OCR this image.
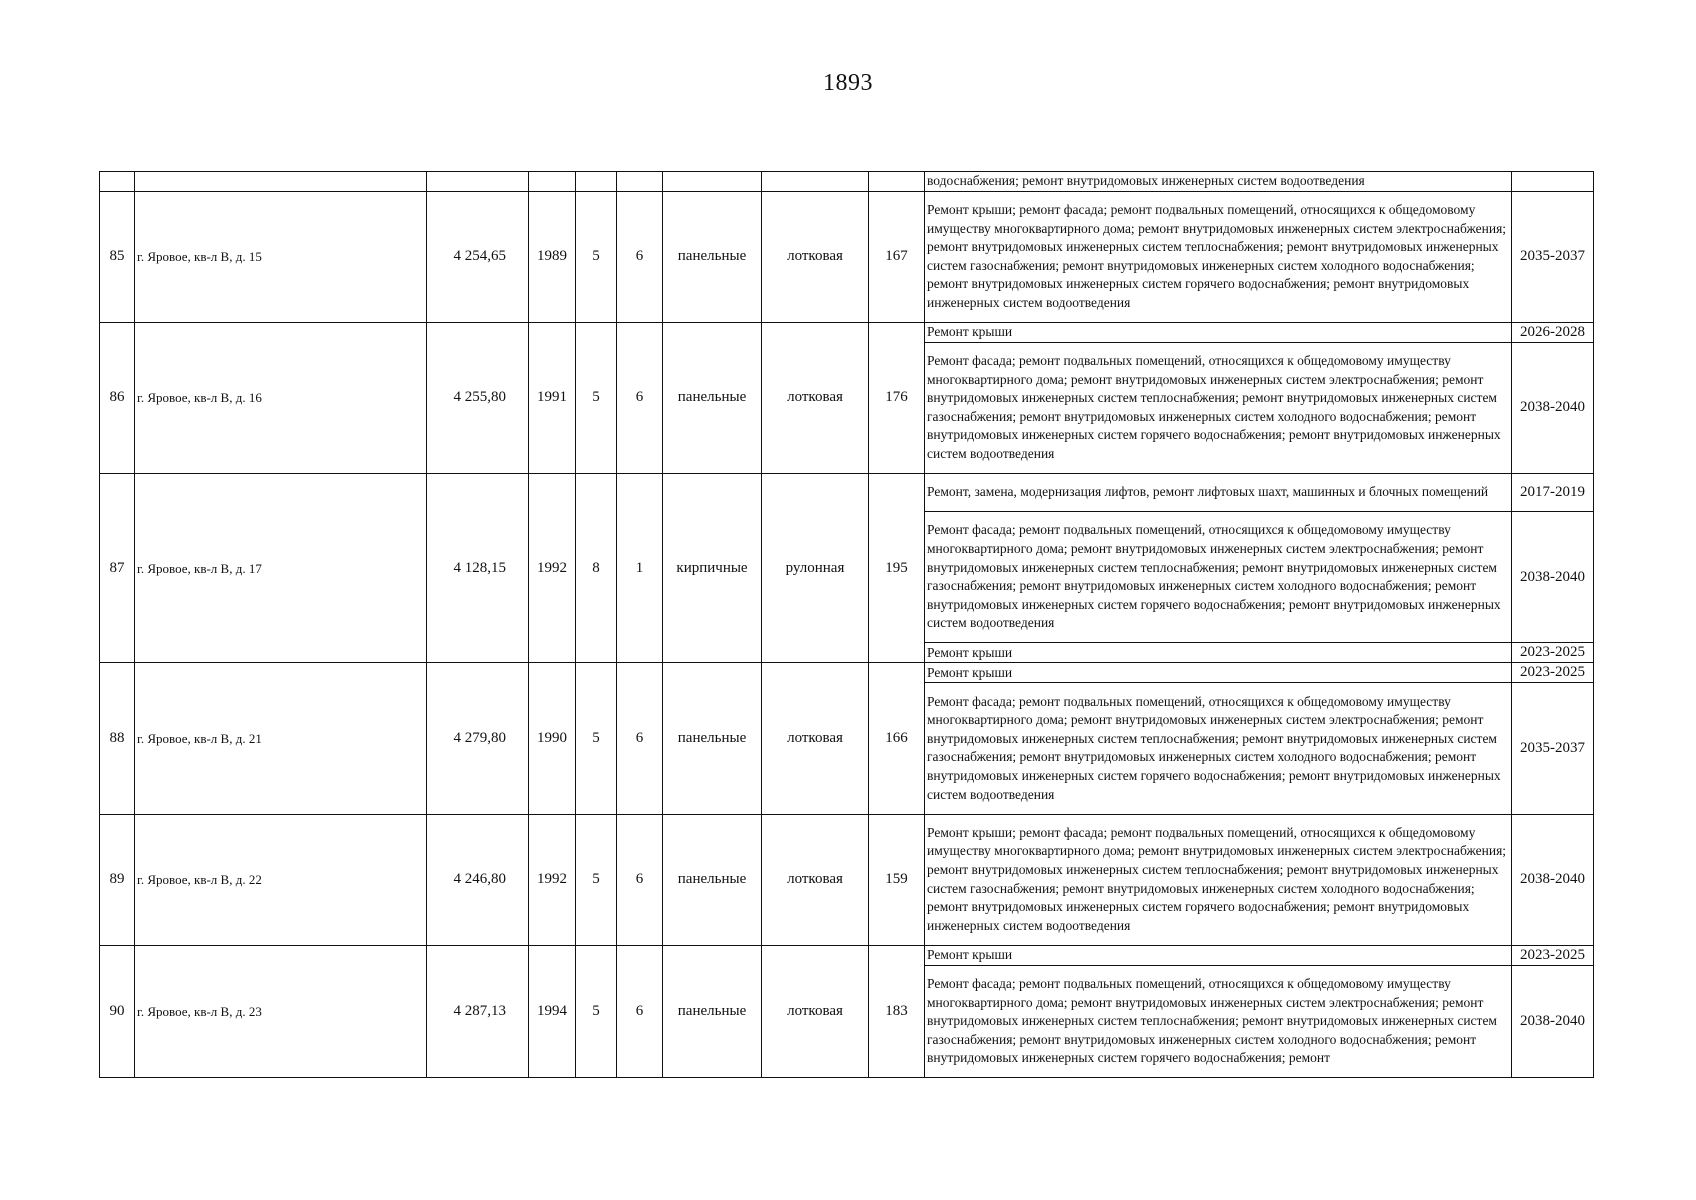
1893
									водоснабжения; ремонт внутридомовых инженерных систем водоотведения	
85	г. Яровое, кв-л В, д. 15	4 254,65	1989	5	6	панельные	лотковая	167	Ремонт крыши; ремонт фасада; ремонт подвальных помещений, относящихся к общедомовому имуществу многоквартирного дома; ремонт внутридомовых инженерных систем электроснабжения; ремонт внутридомовых инженерных систем теплоснабжения; ремонт внутридомовых инженерных систем газоснабжения; ремонт внутридомовых инженерных систем холодного водоснабжения; ремонт внутридомовых инженерных систем горячего водоснабжения; ремонт внутридомовых инженерных систем водоотведения	2035-2037
86	г. Яровое, кв-л В, д. 16	4 255,80	1991	5	6	панельные	лотковая	176	Ремонт крыши	2026-2028
									Ремонт фасада; ремонт подвальных помещений, относящихся к общедомовому имуществу многоквартирного дома; ремонт внутридомовых инженерных систем электроснабжения; ремонт внутридомовых инженерных систем теплоснабжения; ремонт внутридомовых инженерных систем газоснабжения; ремонт внутридомовых инженерных систем холодного водоснабжения; ремонт внутридомовых инженерных систем горячего водоснабжения; ремонт внутридомовых инженерных систем водоотведения	2038-2040
87	г. Яровое, кв-л В, д. 17	4 128,15	1992	8	1	кирпичные	рулонная	195	Ремонт, замена, модернизация лифтов, ремонт лифтовых шахт, машинных и блочных помещений	2017-2019
									Ремонт фасада; ремонт подвальных помещений, относящихся к общедомовому имуществу многоквартирного дома; ремонт внутридомовых инженерных систем электроснабжения; ремонт внутридомовых инженерных систем теплоснабжения; ремонт внутридомовых инженерных систем газоснабжения; ремонт внутридомовых инженерных систем холодного водоснабжения; ремонт внутридомовых инженерных систем горячего водоснабжения; ремонт внутридомовых инженерных систем водоотведения	2038-2040
									Ремонт крыши	2023-2025
88	г. Яровое, кв-л В, д. 21	4 279,80	1990	5	6	панельные	лотковая	166	Ремонт крыши	2023-2025
									Ремонт фасада; ремонт подвальных помещений, относящихся к общедомовому имуществу многоквартирного дома; ремонт внутридомовых инженерных систем электроснабжения; ремонт внутридомовых инженерных систем теплоснабжения; ремонт внутридомовых инженерных систем газоснабжения; ремонт внутридомовых инженерных систем холодного водоснабжения; ремонт внутридомовых инженерных систем горячего водоснабжения; ремонт внутридомовых инженерных систем водоотведения	2035-2037
89	г. Яровое, кв-л В, д. 22	4 246,80	1992	5	6	панельные	лотковая	159	Ремонт крыши; ремонт фасада; ремонт подвальных помещений, относящихся к общедомовому имуществу многоквартирного дома; ремонт внутридомовых инженерных систем электроснабжения; ремонт внутридомовых инженерных систем теплоснабжения; ремонт внутридомовых инженерных систем газоснабжения; ремонт внутридомовых инженерных систем холодного водоснабжения; ремонт внутридомовых инженерных систем горячего водоснабжения; ремонт внутридомовых инженерных систем водоотведения	2038-2040
90	г. Яровое, кв-л В, д. 23	4 287,13	1994	5	6	панельные	лотковая	183	Ремонт крыши	2023-2025
									Ремонт фасада; ремонт подвальных помещений, относящихся к общедомовому имуществу многоквартирного дома; ремонт внутридомовых инженерных систем электроснабжения; ремонт внутридомовых инженерных систем теплоснабжения; ремонт внутридомовых инженерных систем газоснабжения; ремонт внутридомовых инженерных систем холодного водоснабжения; ремонт внутридомовых инженерных систем горячего водоснабжения; ремонт	2038-2040
